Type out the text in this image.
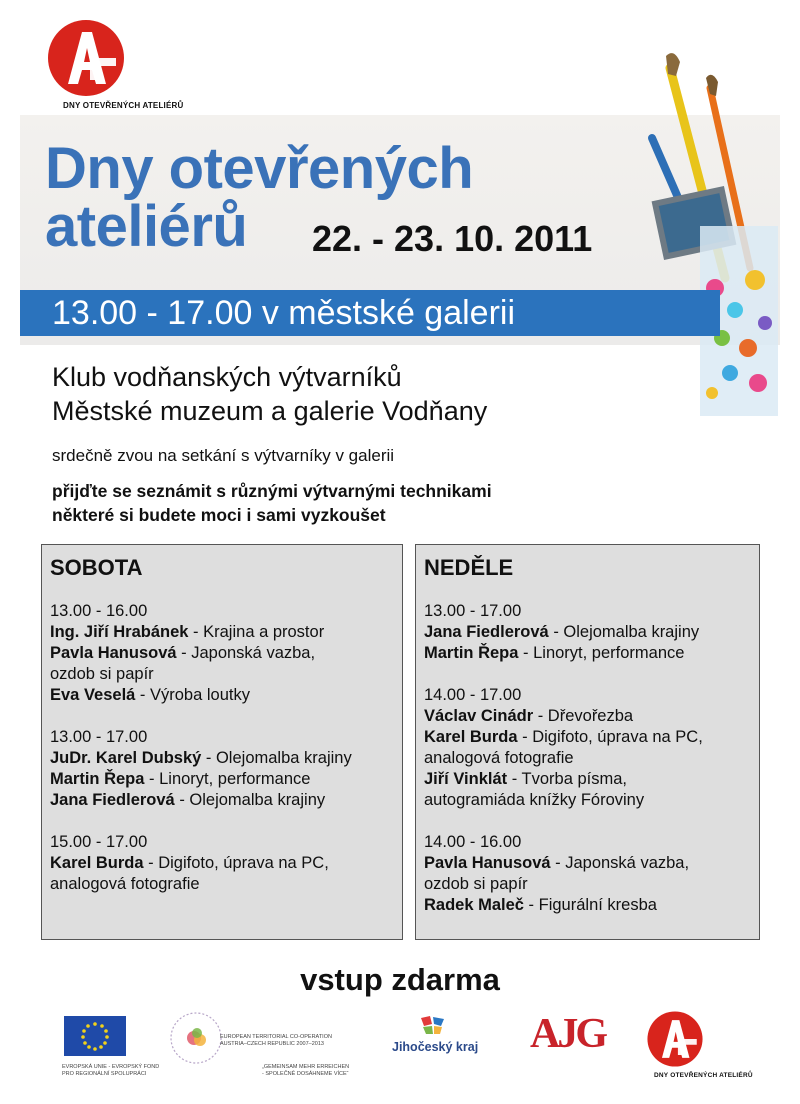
DNY OTEVŘENÝCH ATELIÉRŮ
Dny otevřených
ateliérů	22. - 23. 10. 2011
13.00 - 17.00 v městské galerii
Klub vodňanských výtvarníků
Městské muzeum a galerie Vodňany
srdečně zvou na setkání s výtvarníky v galerii
přijďte se seznámit s různými výtvarnými technikami
některé si budete moci i sami vyzkoušet
SOBOTA
13.00 - 16.00
Ing. Jiří Hrabánek - Krajina a prostor
Pavla Hanusová - Japonská vazba,
ozdob si papír
Eva Veselá - Výroba loutky
13.00 - 17.00
JuDr. Karel Dubský - Olejomalba krajiny
Martin Řepa - Linoryt, performance
Jana Fiedlerová - Olejomalba krajiny
15.00 - 17.00
Karel Burda - Digifoto, úprava na PC,
analogová fotografie
NEDĚLE
13.00 - 17.00
Jana Fiedlerová - Olejomalba krajiny
Martin Řepa - Linoryt, performance
14.00 - 17.00
Václav Cinádr - Dřevořezba
Karel Burda - Digifoto, úprava na PC,
analogová fotografie
Jiří Vinklát - Tvorba písma,
autogramiáda knížky Fóroviny
14.00 - 16.00
Pavla Hanusová - Japonská vazba,
ozdob si papír
Radek Maleč - Figurální kresba
vstup zdarma
EVROPSKÁ UNIE - EVROPSKÝ FOND
PRO REGIONÁLNÍ SPOLUPRÁCI
EUROPEAN TERRITORIAL CO-OPERATION
AUSTRIA–CZECH REPUBLIC 2007–2013
„GEMEINSAM MEHR ERREICHEN
- SPOLEČNĚ DOSÁHNEME VÍCE“
Jihočeský kraj AJG
DNY OTEVŘENÝCH ATELIÉRŮ
